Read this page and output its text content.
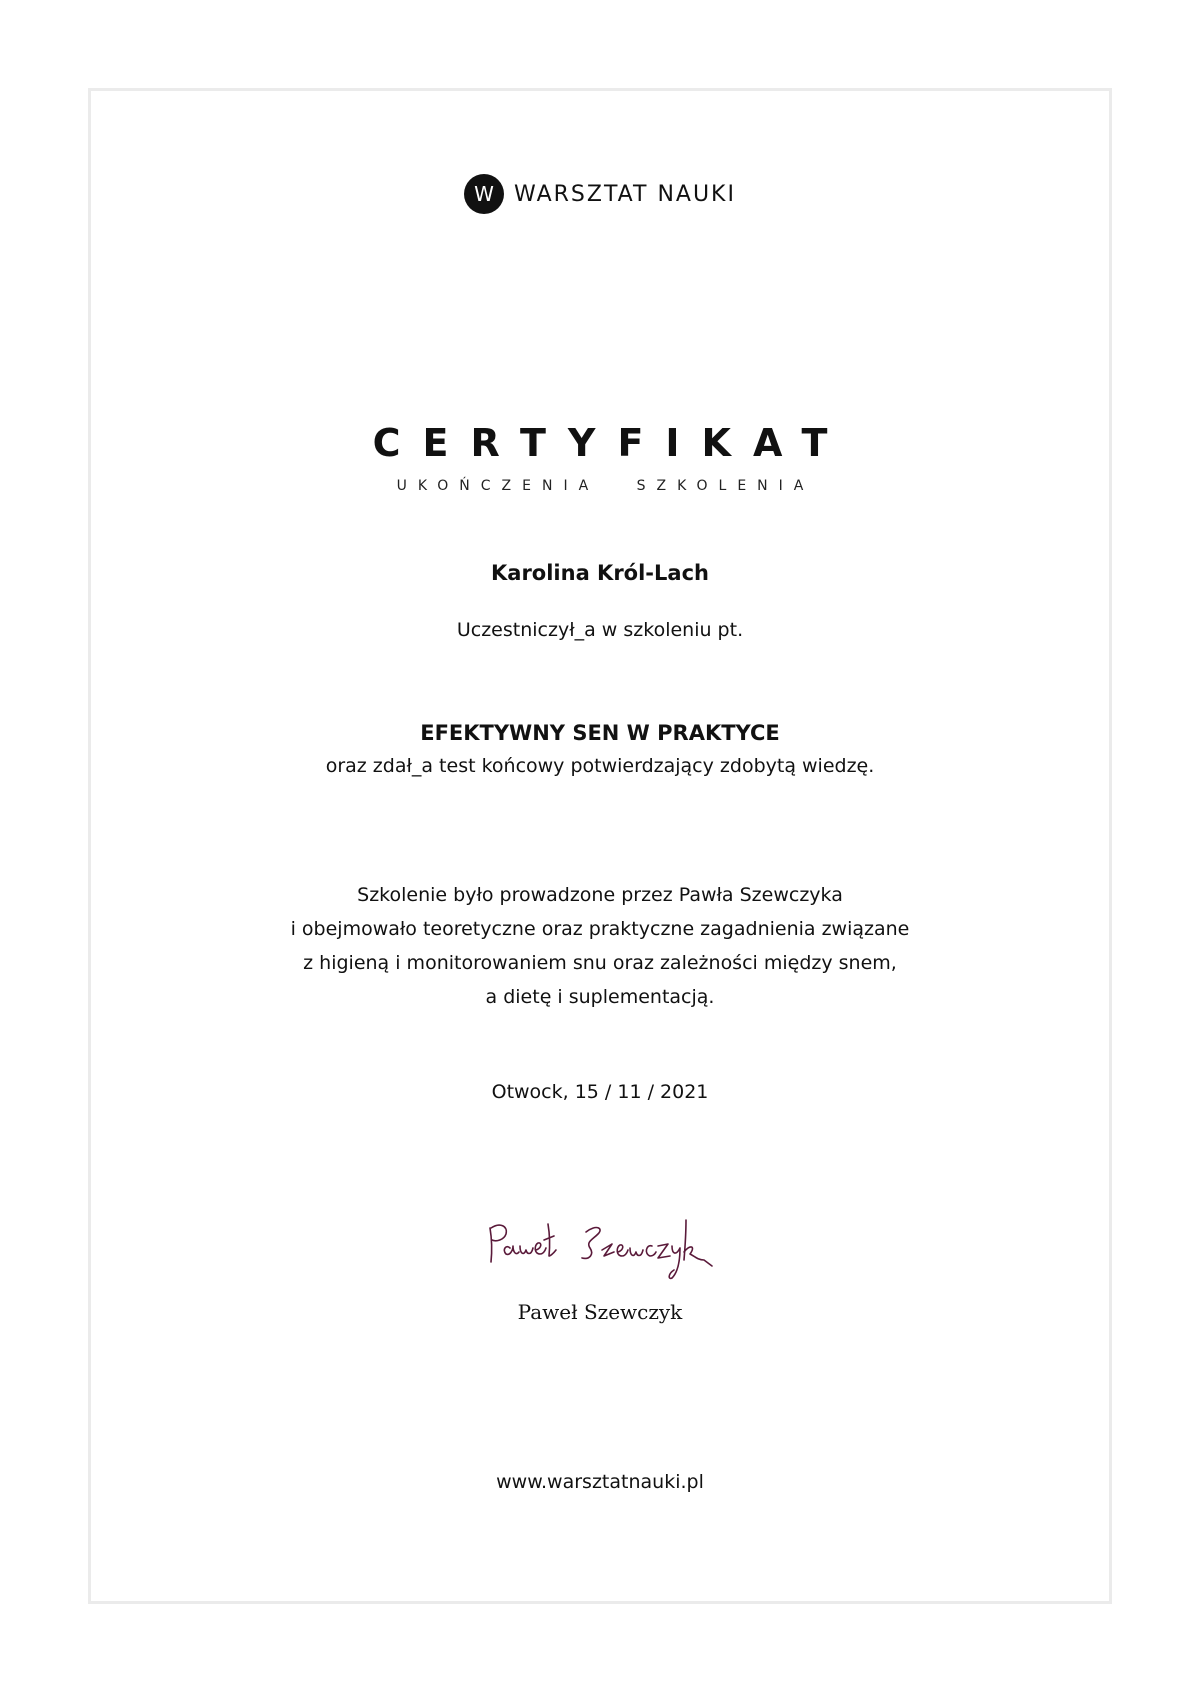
W WARSZTAT NAUKI
CERTYFIKAT
UKOŃCZENIA SZKOLENIA
Karolina Król-Lach
Uczestniczył_a w szkoleniu pt.
EFEKTYWNY SEN W PRAKTYCE
oraz zdał_a test końcowy potwierdzający zdobytą wiedzę.

Szkolenie było prowadzone przez Pawła Szewczyka

i obejmowało teoretyczne oraz praktyczne zagadnienia związane

z higieną i monitorowaniem snu oraz zależności między snem,

a dietę i suplementacją.

Otwock, 15 / 11 / 2021
Paweł Szewczyk
www.warsztatnauki.pl
